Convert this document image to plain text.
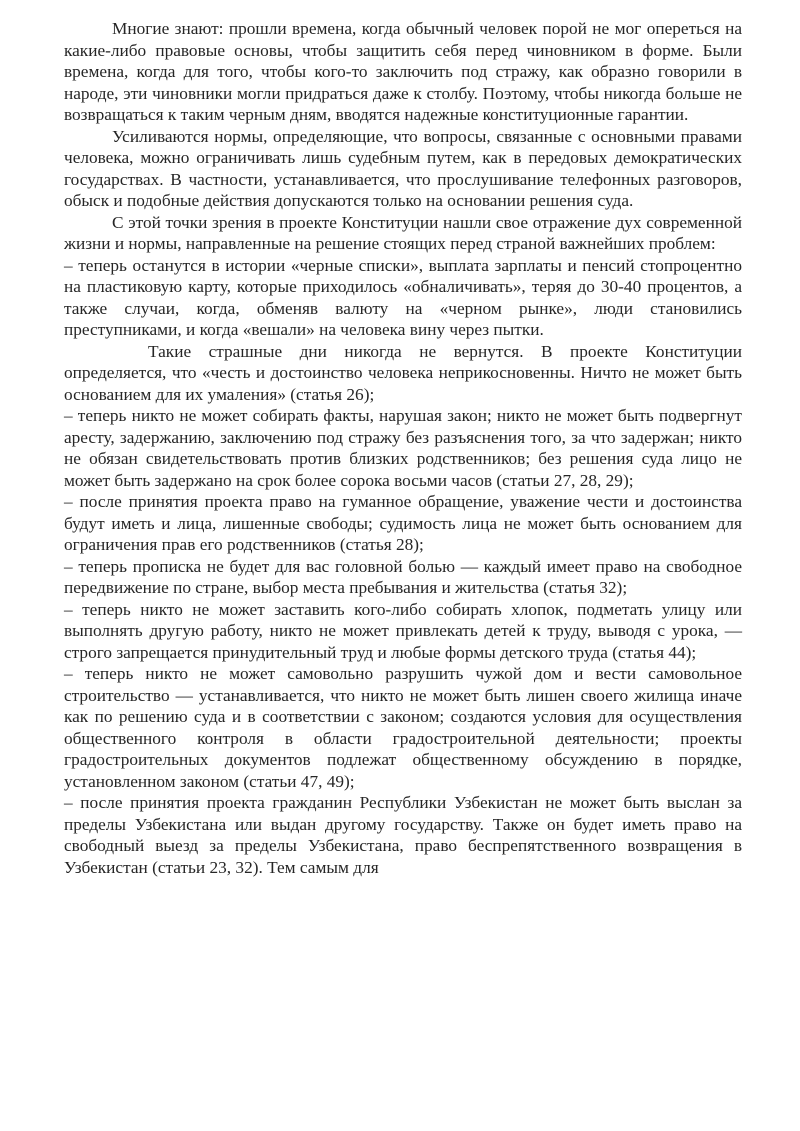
Многие знают: прошли времена, когда обычный человек порой не мог опереться на какие-либо правовые основы, чтобы защитить себя перед чиновником в форме. Были времена, когда для того, чтобы кого-то заключить под стражу, как образно говорили в народе, эти чиновники могли придраться даже к столбу. Поэтому, чтобы никогда больше не возвращаться к таким черным дням, вводятся надежные конституционные гарантии.

Усиливаются нормы, определяющие, что вопросы, связанные с основными правами человека, можно ограничивать лишь судебным путем, как в передовых демократических государствах. В частности, устанавливается, что прослушивание телефонных разговоров, обыск и подобные действия допускаются только на основании решения суда.

С этой точки зрения в проекте Конституции нашли свое отражение дух современной жизни и нормы, направленные на решение стоящих перед страной важнейших проблем:

– теперь останутся в истории «черные списки», выплата зарплаты и пенсий стопроцентно на пластиковую карту, которые приходилось «обналичивать», теряя до 30-40 процентов, а также случаи, когда, обменяв валюту на «черном рынке», люди становились преступниками, и когда «вешали» на человека вину через пытки.

Такие страшные дни никогда не вернутся. В проекте Конституции определяется, что «честь и достоинство человека неприкосновенны. Ничто не может быть основанием для их умаления» (статья 26);

– теперь никто не может собирать факты, нарушая закон; никто не может быть подвергнут аресту, задержанию, заключению под стражу без разъяснения того, за что задержан; никто не обязан свидетельствовать против близких родственников; без решения суда лицо не может быть задержано на срок более сорока восьми часов (статьи 27, 28, 29);

– после принятия проекта право на гуманное обращение, уважение чести и достоинства будут иметь и лица, лишенные свободы; судимость лица не может быть основанием для ограничения прав его родственников (статья 28);

– теперь прописка не будет для вас головной болью — каждый имеет право на свободное передвижение по стране, выбор места пребывания и жительства (статья 32);

– теперь никто не может заставить кого-либо собирать хлопок, подметать улицу или выполнять другую работу, никто не может привлекать детей к труду, выводя с урока, — строго запрещается принудительный труд и любые формы детского труда (статья 44);

– теперь никто не может самовольно разрушить чужой дом и вести самовольное строительство — устанавливается, что никто не может быть лишен своего жилища иначе как по решению суда и в соответствии с законом; создаются условия для осуществления общественного контроля в области градостроительной деятельности; проекты градостроительных документов подлежат общественному обсуждению в порядке, установленном законом (статьи 47, 49);

– после принятия проекта гражданин Республики Узбекистан не может быть выслан за пределы Узбекистана или выдан другому государству. Также он будет иметь право на свободный выезд за пределы Узбекистана, право беспрепятственного возвращения в Узбекистан (статьи 23, 32). Тем самым для
